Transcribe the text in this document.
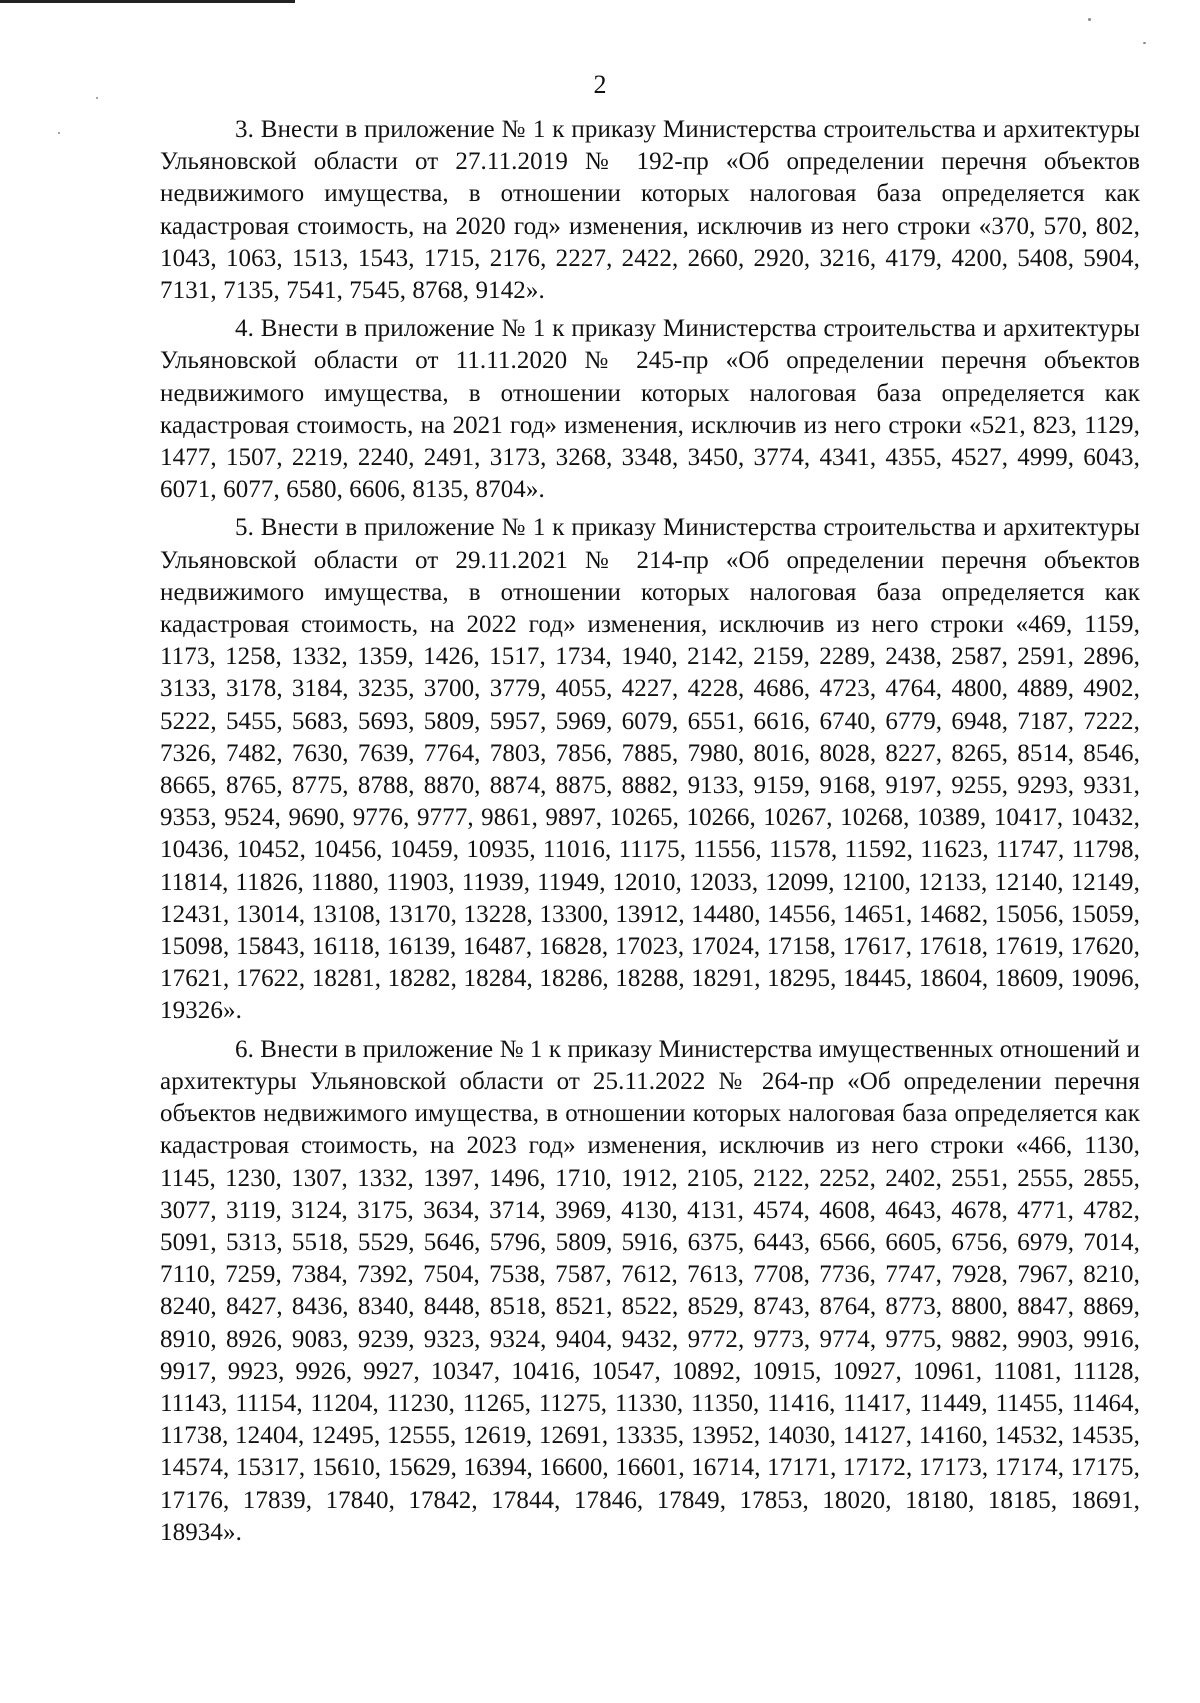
2

3. Внести в приложение № 1 к приказу Министерства строительства и архитектуры Ульяновской области от 27.11.2019 № 192-пр «Об определении перечня объектов недвижимого имущества, в отношении которых налоговая база определяется как кадастровая стоимость, на 2020 год» изменения, исключив из него строки «370, 570, 802, 1043, 1063, 1513, 1543, 1715, 2176, 2227, 2422, 2660, 2920, 3216, 4179, 4200, 5408, 5904, 7131, 7135, 7541, 7545, 8768, 9142».

4. Внести в приложение № 1 к приказу Министерства строительства и архитектуры Ульяновской области от 11.11.2020 № 245-пр «Об определении перечня объектов недвижимого имущества, в отношении которых налоговая база определяется как кадастровая стоимость, на 2021 год» изменения, исключив из него строки «521, 823, 1129, 1477, 1507, 2219, 2240, 2491, 3173, 3268, 3348, 3450, 3774, 4341, 4355, 4527, 4999, 6043, 6071, 6077, 6580, 6606, 8135, 8704».

5. Внести в приложение № 1 к приказу Министерства строительства и архитектуры Ульяновской области от 29.11.2021 № 214-пр «Об определении перечня объектов недвижимого имущества, в отношении которых налоговая база определяется как кадастровая стоимость, на 2022 год» изменения, исключив из него строки «469, 1159, 1173, 1258, 1332, 1359, 1426, 1517, 1734, 1940, 2142, 2159, 2289, 2438, 2587, 2591, 2896, 3133, 3178, 3184, 3235, 3700, 3779, 4055, 4227, 4228, 4686, 4723, 4764, 4800, 4889, 4902, 5222, 5455, 5683, 5693, 5809, 5957, 5969, 6079, 6551, 6616, 6740, 6779, 6948, 7187, 7222, 7326, 7482, 7630, 7639, 7764, 7803, 7856, 7885, 7980, 8016, 8028, 8227, 8265, 8514, 8546, 8665, 8765, 8775, 8788, 8870, 8874, 8875, 8882, 9133, 9159, 9168, 9197, 9255, 9293, 9331, 9353, 9524, 9690, 9776, 9777, 9861, 9897, 10265, 10266, 10267, 10268, 10389, 10417, 10432, 10436, 10452, 10456, 10459, 10935, 11016, 11175, 11556, 11578, 11592, 11623, 11747, 11798, 11814, 11826, 11880, 11903, 11939, 11949, 12010, 12033, 12099, 12100, 12133, 12140, 12149, 12431, 13014, 13108, 13170, 13228, 13300, 13912, 14480, 14556, 14651, 14682, 15056, 15059, 15098, 15843, 16118, 16139, 16487, 16828, 17023, 17024, 17158, 17617, 17618, 17619, 17620, 17621, 17622, 18281, 18282, 18284, 18286, 18288, 18291, 18295, 18445, 18604, 18609, 19096, 19326».

6. Внести в приложение № 1 к приказу Министерства имущественных отношений и архитектуры Ульяновской области от 25.11.2022 № 264-пр «Об определении перечня объектов недвижимого имущества, в отношении которых налоговая база определяется как кадастровая стоимость, на 2023 год» изменения, исключив из него строки «466, 1130, 1145, 1230, 1307, 1332, 1397, 1496, 1710, 1912, 2105, 2122, 2252, 2402, 2551, 2555, 2855, 3077, 3119, 3124, 3175, 3634, 3714, 3969, 4130, 4131, 4574, 4608, 4643, 4678, 4771, 4782, 5091, 5313, 5518, 5529, 5646, 5796, 5809, 5916, 6375, 6443, 6566, 6605, 6756, 6979, 7014, 7110, 7259, 7384, 7392, 7504, 7538, 7587, 7612, 7613, 7708, 7736, 7747, 7928, 7967, 8210, 8240, 8427, 8436, 8340, 8448, 8518, 8521, 8522, 8529, 8743, 8764, 8773, 8800, 8847, 8869, 8910, 8926, 9083, 9239, 9323, 9324, 9404, 9432, 9772, 9773, 9774, 9775, 9882, 9903, 9916, 9917, 9923, 9926, 9927, 10347, 10416, 10547, 10892, 10915, 10927, 10961, 11081, 11128, 11143, 11154, 11204, 11230, 11265, 11275, 11330, 11350, 11416, 11417, 11449, 11455, 11464, 11738, 12404, 12495, 12555, 12619, 12691, 13335, 13952, 14030, 14127, 14160, 14532, 14535, 14574, 15317, 15610, 15629, 16394, 16600, 16601, 16714, 17171, 17172, 17173, 17174, 17175, 17176, 17839, 17840, 17842, 17844, 17846, 17849, 17853, 18020, 18180, 18185, 18691, 18934».
